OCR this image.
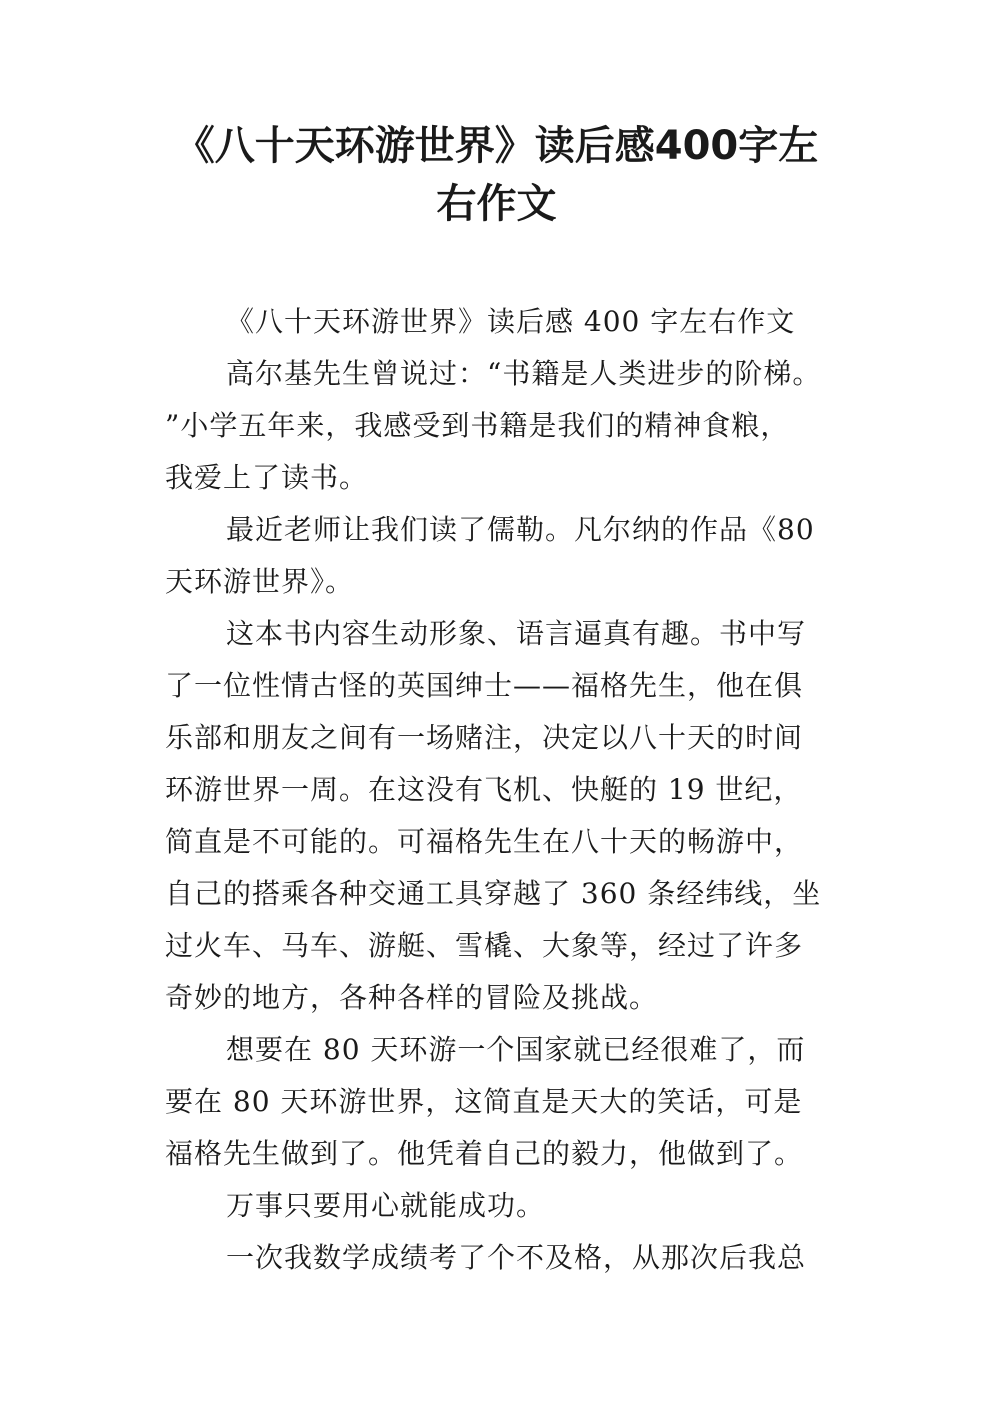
《八十天环游世界》读后感400字左
右作文
《八十天环游世界》读后感 400 字左右作文
高尔基先生曾说过：“书籍是人类进步的阶梯。
”小学五年来，我感受到书籍是我们的精神食粮，
我爱上了读书。
最近老师让我们读了儒勒。凡尔纳的作品《80
天环游世界》。
这本书内容生动形象、语言逼真有趣。书中写
了一位性情古怪的英国绅士——福格先生，他在俱
乐部和朋友之间有一场赌注，决定以八十天的时间
环游世界一周。在这没有飞机、快艇的 19 世纪，
简直是不可能的。可福格先生在八十天的畅游中，
自己的搭乘各种交通工具穿越了 360 条经纬线，坐
过火车、马车、游艇、雪橇、大象等，经过了许多
奇妙的地方，各种各样的冒险及挑战。
想要在 80 天环游一个国家就已经很难了，而
要在 80 天环游世界，这简直是天大的笑话，可是
福格先生做到了。他凭着自己的毅力，他做到了。
万事只要用心就能成功。
一次我数学成绩考了个不及格，从那次后我总
